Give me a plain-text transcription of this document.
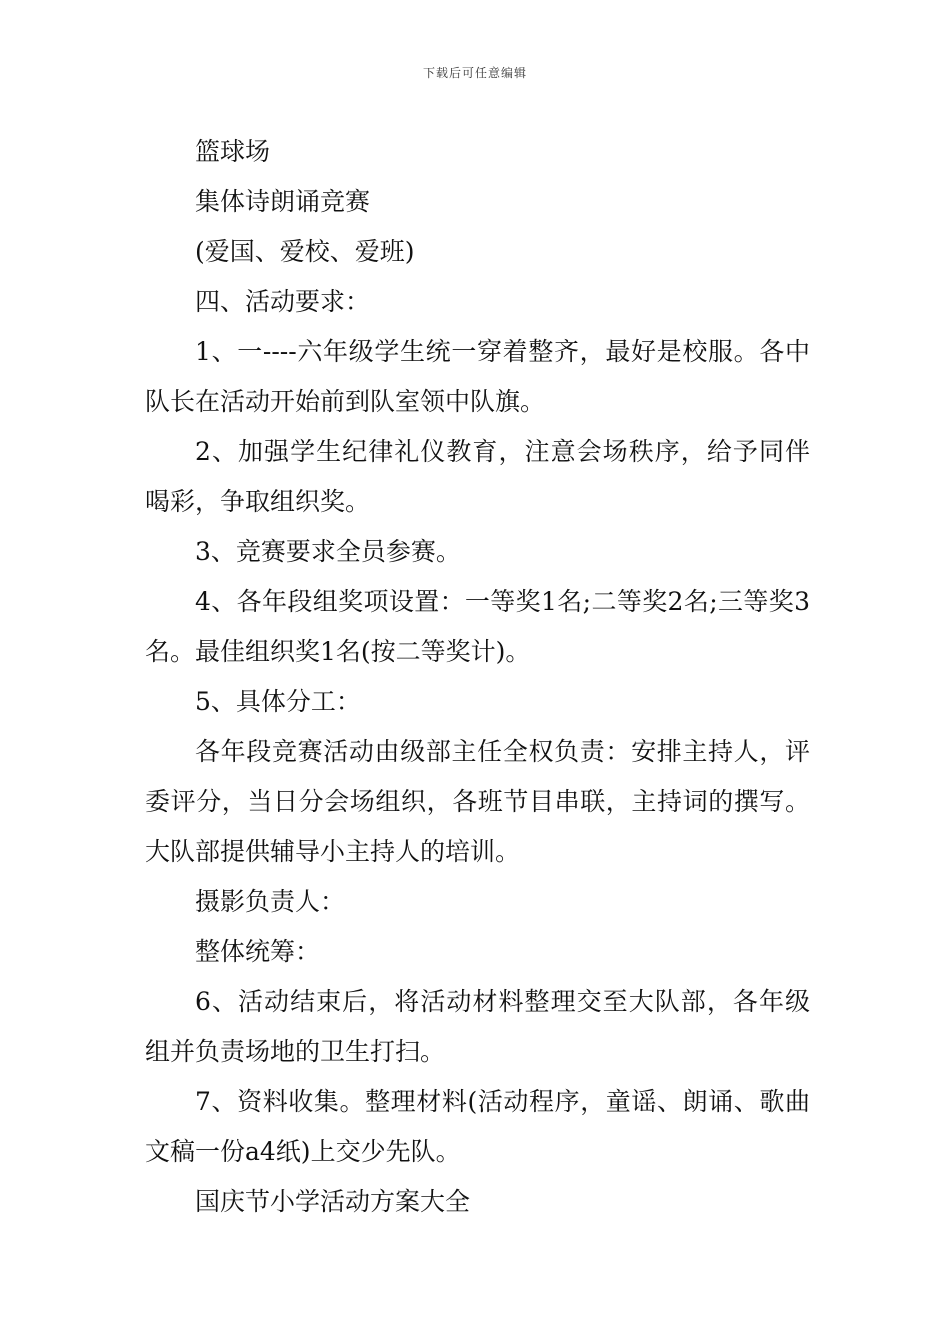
下载后可任意编辑

篮球场

集体诗朗诵竞赛

(爱国、爱校、爱班)

四、活动要求：

1、一----六年级学生统一穿着整齐，最好是校服。各中队长在活动开始前到队室领中队旗。

2、加强学生纪律礼仪教育，注意会场秩序，给予同伴喝彩，争取组织奖。

3、竞赛要求全员参赛。

4、各年段组奖项设置：一等奖1名;二等奖2名;三等奖3名。最佳组织奖1名(按二等奖计)。

5、具体分工：

各年段竞赛活动由级部主任全权负责：安排主持人，评委评分，当日分会场组织，各班节目串联，主持词的撰写。大队部提供辅导小主持人的培训。

摄影负责人：

整体统筹：

6、活动结束后，将活动材料整理交至大队部，各年级组并负责场地的卫生打扫。

7、资料收集。整理材料(活动程序，童谣、朗诵、歌曲文稿一份a4纸)上交少先队。

国庆节小学活动方案大全
